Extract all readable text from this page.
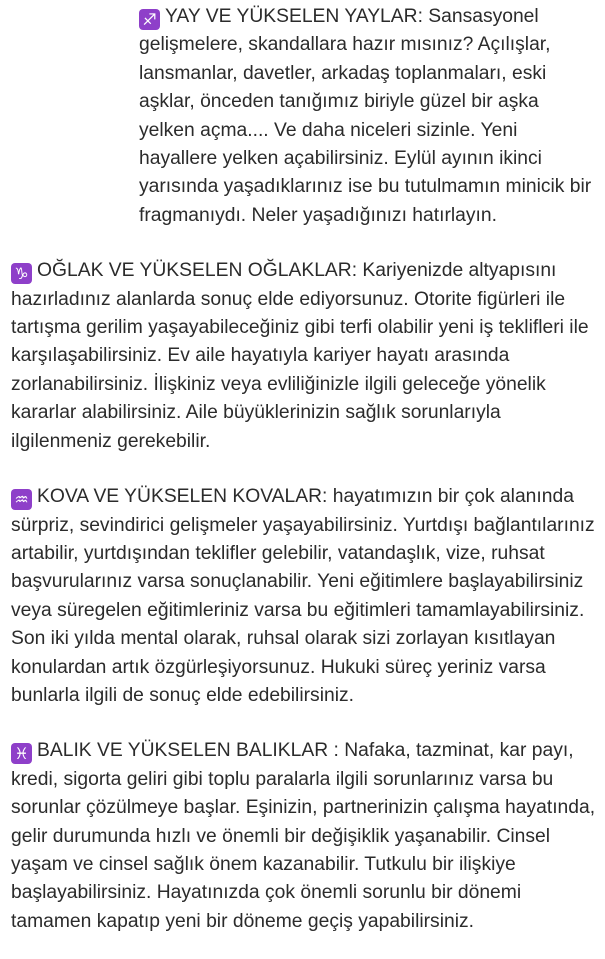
♐ YAY VE YÜKSELEN YAYLAR: Sansasyonel gelişmelere, skandallara hazır mısınız? Açılışlar, lansmanlar, davetler, arkadaş toplanmaları, eski aşklar, önceden tanığımız biriyle güzel bir aşka yelken açma.... Ve daha niceleri sizinle. Yeni hayallere yelken açabilirsiniz. Eylül ayının ikinci yarısında yaşadıklarınız ise bu tutulmamın minicik bir fragmanıydı. Neler yaşadığınızı hatırlayın.

♑ OĞLAK VE YÜKSELEN OĞLAKLAR: Kariyenizde altyapısını hazırladınız alanlarda sonuç elde ediyorsunuz. Otorite figürleri ile tartışma gerilim yaşayabileceğiniz gibi terfi olabilir yeni iş teklifleri ile karşılaşabilirsiniz. Ev aile hayatıyla kariyer hayatı arasında zorlanabilirsiniz. İlişkiniz veya evliliğinizle ilgili geleceğe yönelik kararlar alabilirsiniz. Aile büyüklerinizin sağlık sorunlarıyla ilgilenmeniz gerekebilir.

♒ KOVA VE YÜKSELEN KOVALAR: hayatımızın bir çok alanında sürpriz, sevindirici gelişmeler yaşayabilirsiniz. Yurtdışı bağlantılarınız artabilir, yurtdışından teklifler gelebilir, vatandaşlık, vize, ruhsat başvurularınız varsa sonuçlanabilir. Yeni eğitimlere başlayabilirsiniz veya süregelen eğitimleriniz varsa bu eğitimleri tamamlayabilirsiniz. Son iki yılda mental olarak, ruhsal olarak sizi zorlayan kısıtlayan konulardan artık özgürleşiyorsunuz. Hukuki süreç yeriniz varsa bunlarla ilgili de sonuç elde edebilirsiniz.

♓ BALIK VE YÜKSELEN BALIKLAR : Nafaka, tazminat, kar payı, kredi, sigorta geliri gibi toplu paralarla ilgili sorunlarınız varsa bu sorunlar çözülmeye başlar. Eşinizin, partnerinizin çalışma hayatında, gelir durumunda hızlı ve önemli bir değişiklik yaşanabilir. Cinsel yaşam ve cinsel sağlık önem kazanabilir. Tutkulu bir ilişkiye başlayabilirsiniz. Hayatınızda çok önemli sorunlu bir dönemi tamamen kapatıp yeni bir döneme geçiş yapabilirsiniz.
